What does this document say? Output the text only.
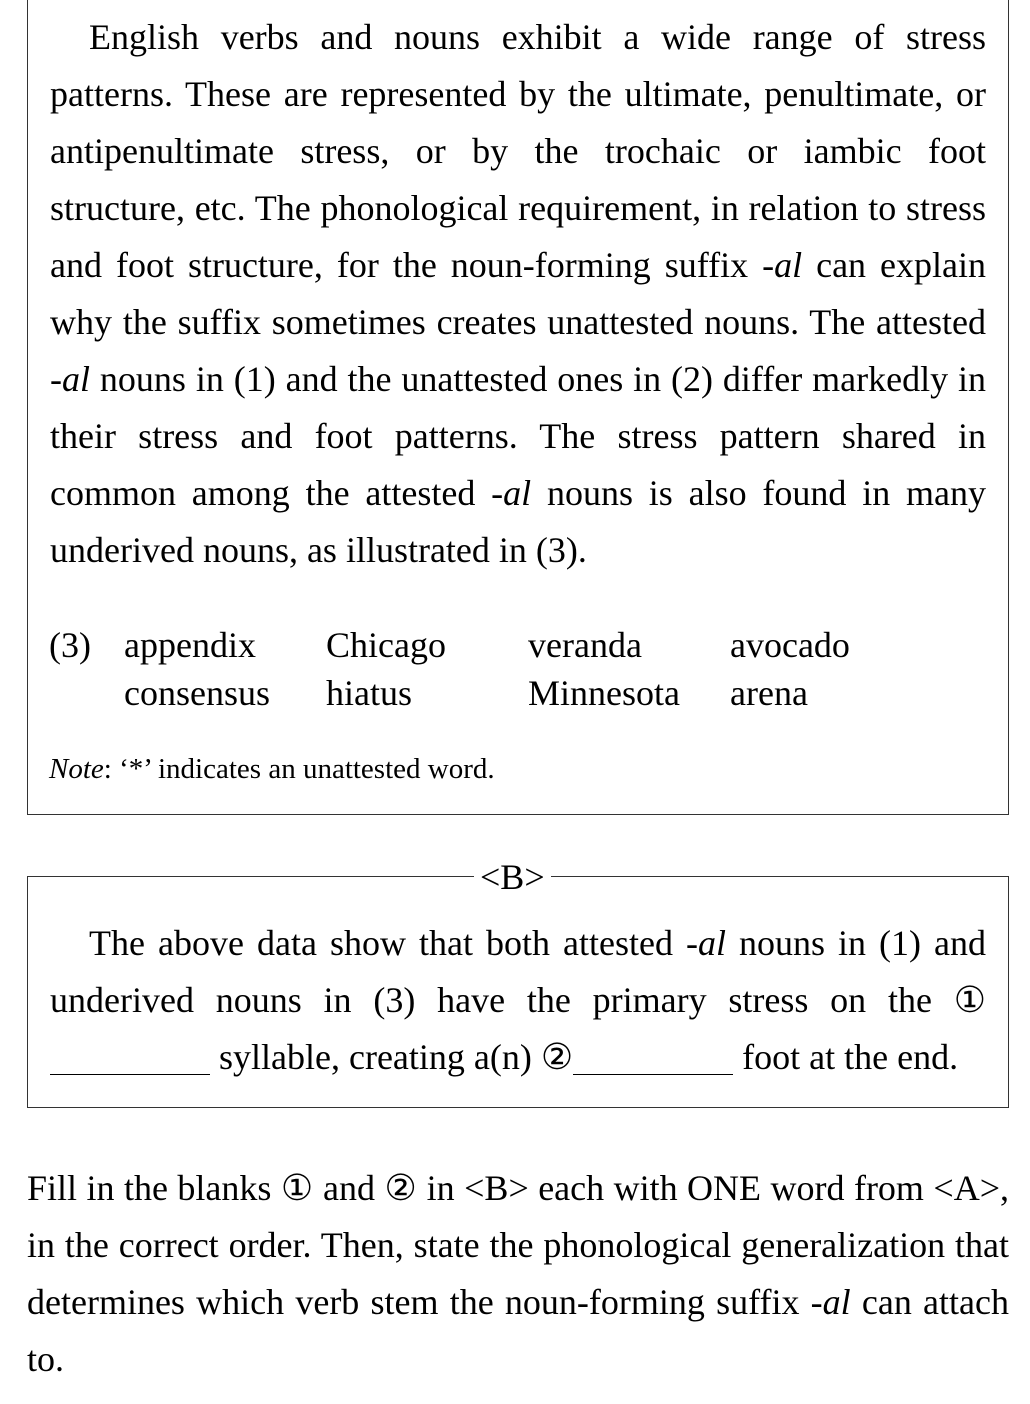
English verbs and nouns exhibit a wide range of stress patterns. These are represented by the ultimate, penultimate, or antipenultimate stress, or by the trochaic or iambic foot structure, etc. The phonological requirement, in relation to stress and foot structure, for the noun-forming suffix -al can explain why the suffix sometimes creates unattested nouns. The attested -al nouns in (1) and the unattested ones in (2) differ markedly in their stress and foot patterns. The stress pattern shared in common among the attested -al nouns is also found in many underived nouns, as illustrated in (3).

(3) appendix Chicago veranda avocado
consensus hiatus	Minnesota arena
Note: ‘*’ indicates an unattested word.

The above data show that both attested -al nouns in (1) and underived nouns in (3) have the primary stress on the ① syllable, creating a(n) ②	foot at the end.

<B>

Fill in the blanks ① and ② in <B> each with ONE word from <A>, in the correct order. Then, state the phonological generalization that determines which verb stem the noun-forming suffix -al can attach to.
